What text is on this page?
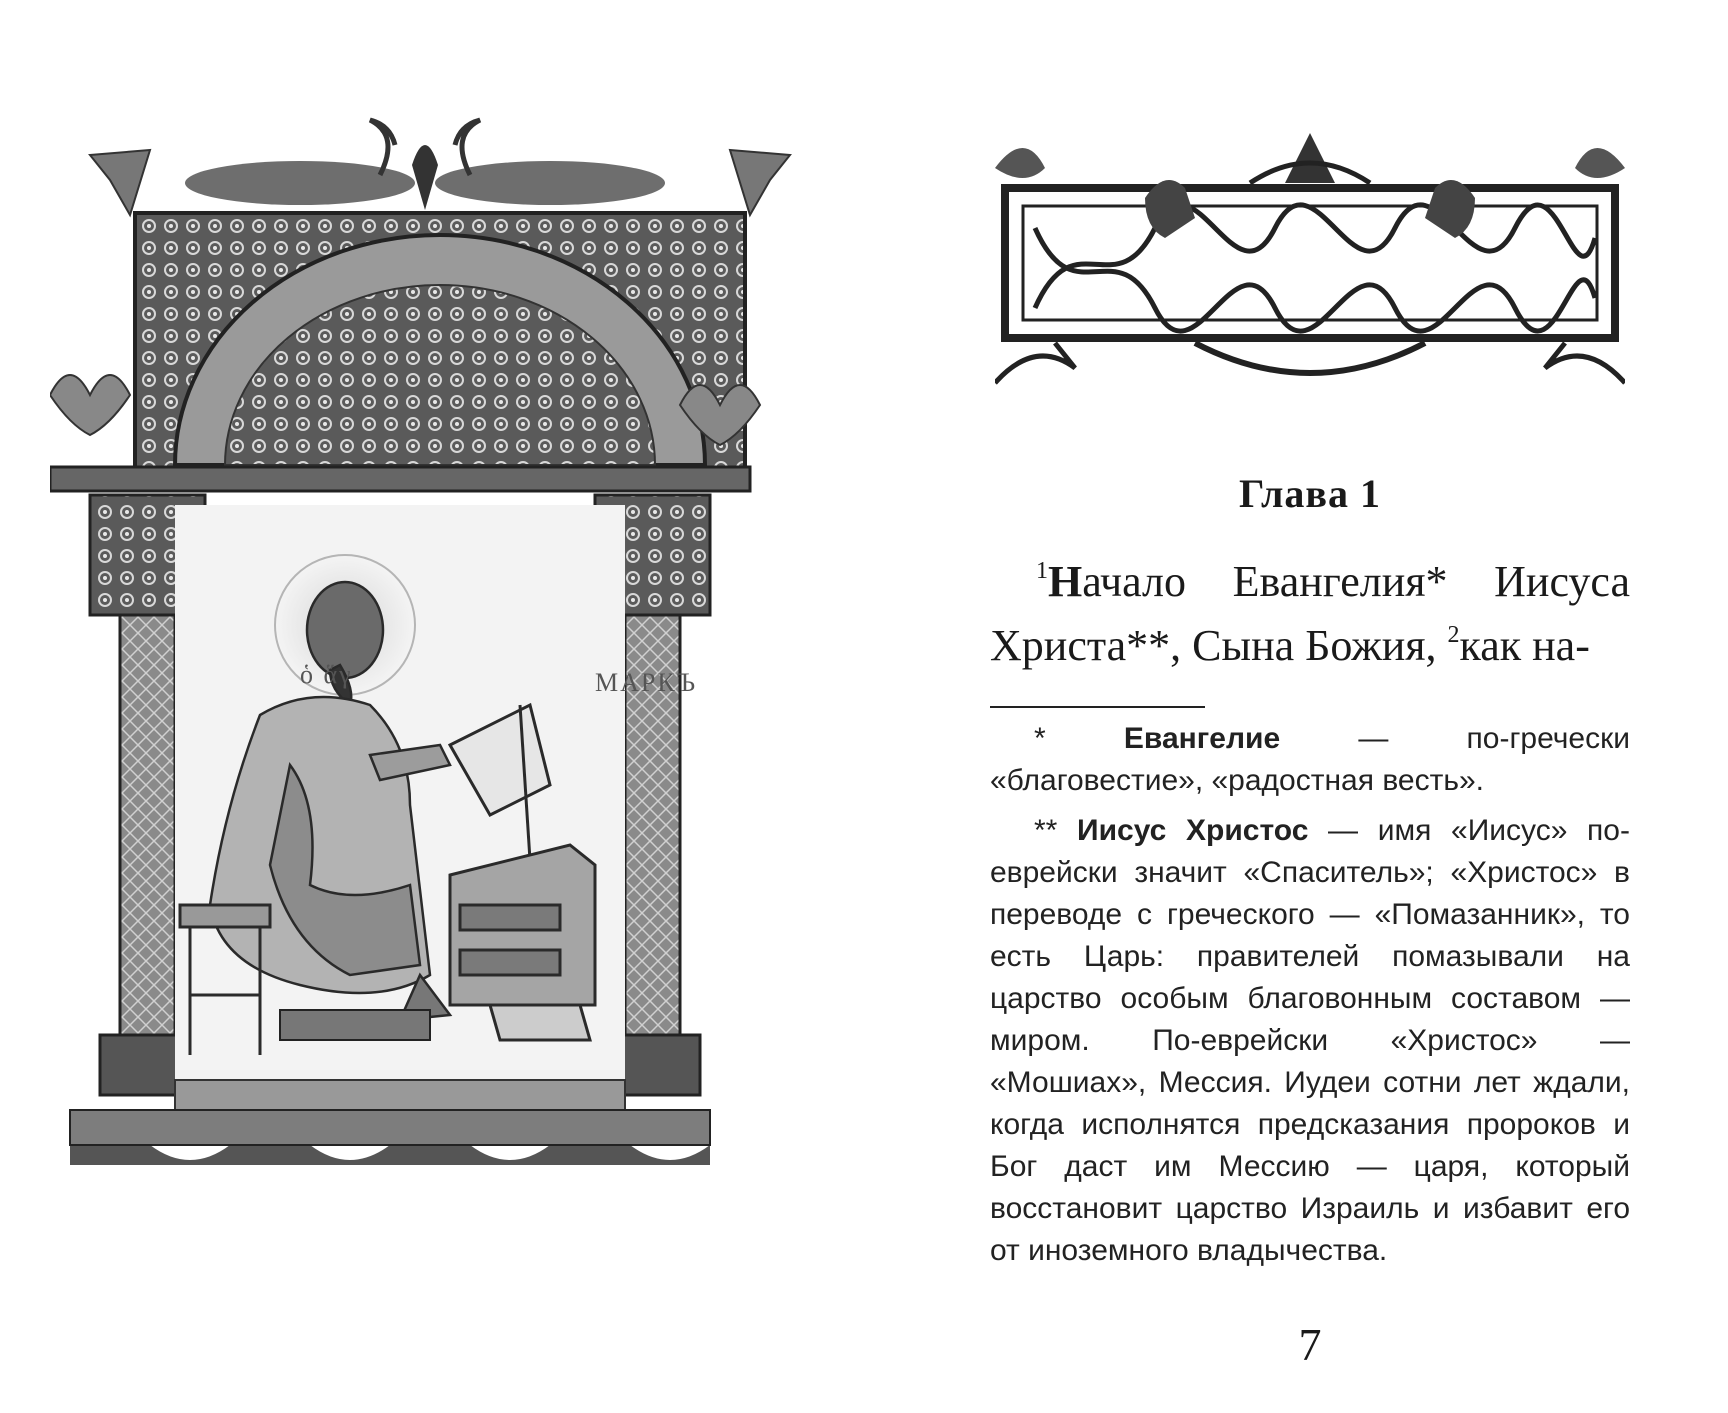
ὁ ἅγ	МАРКЪ
Глава 1
$^1$Начало Евангелия* Иисуса Христа**, Сына Божия, $^2$как на-

*	Евангелие — по-гречески «благовестие», «радостная весть».

** Иисус Христос — имя «Иисус» по-еврейски значит «Спаситель»; «Христос» в переводе с греческого — «Помазанник», то есть Царь: правителей помазывали на царство особым благовонным составом — миром. По-еврейски «Христос» — «Мошиах», Мессия. Иудеи сотни лет ждали, когда исполнятся предсказания пророков и Бог даст им Мессию — царя, который восстановит царство Израиль и избавит его от иноземного владычества.

7
